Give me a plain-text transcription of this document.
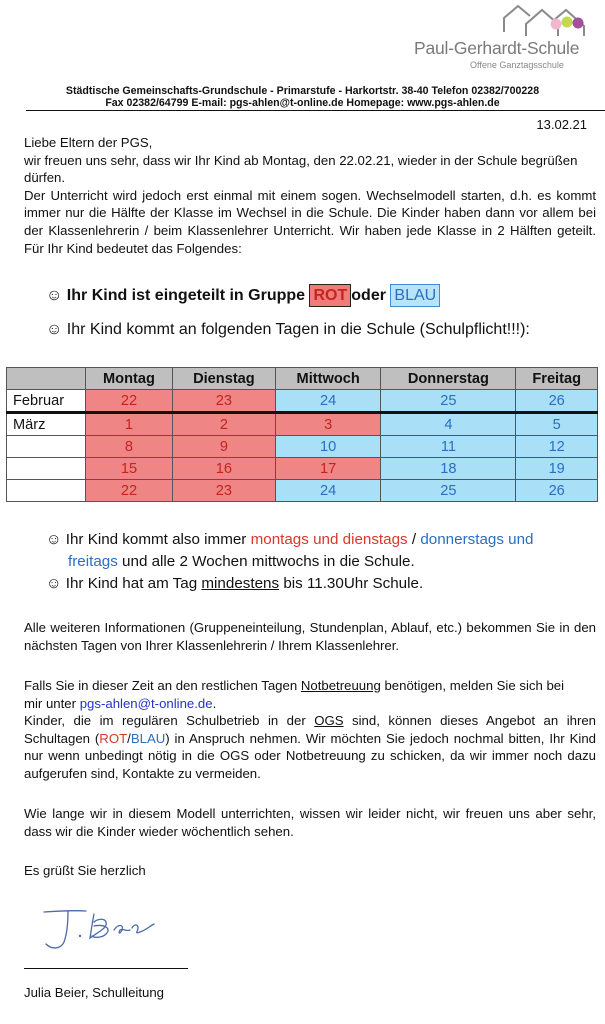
Paul-Gerhardt-Schule
Offene Ganztagsschule
Städtische Gemeinschafts-Grundschule - Primarstufe - Harkortstr. 38-40 Telefon 02382/700228
Fax 02382/64799 E-mail: pgs-ahlen@t-online.de Homepage: www.pgs-ahlen.de
13.02.21
Liebe Eltern der PGS,
wir freuen uns sehr, dass wir Ihr Kind ab Montag, den 22.02.21, wieder in der Schule begrüßen
dürfen.
Der Unterricht wird jedoch erst einmal mit einem sogen. Wechselmodell starten, d.h. es kommt immer nur die Hälfte der Klasse im Wechsel in die Schule. Die Kinder haben dann vor allem bei der Klassenlehrerin / beim Klassenlehrer Unterricht. Wir haben jede Klasse in 2 Hälften geteilt. Für Ihr Kind bedeutet das Folgendes:
☺ Ihr Kind ist eingeteilt in Gruppe ROT oder BLAU
☺ Ihr Kind kommt an folgenden Tagen in die Schule (Schulpflicht!!!):
	Montag	Dienstag	Mittwoch	Donnerstag	Freitag
Februar	22	23	24	25	26
März	1	2	3	4	5
	8	9	10	11	12
	15	16	17	18	19
	22	23	24	25	26
☺ Ihr Kind kommt also immer montags und dienstags / donnerstags und
freitags und alle 2 Wochen mittwochs in die Schule.
☺ Ihr Kind hat am Tag mindestens bis 11.30Uhr Schule.
Alle weiteren Informationen (Gruppeneinteilung, Stundenplan, Ablauf, etc.) bekommen Sie in den nächsten Tagen von Ihrer Klassenlehrerin / Ihrem Klassenlehrer.
Falls Sie in dieser Zeit an den restlichen Tagen Notbetreuung benötigen, melden Sie sich bei
mir unter pgs-ahlen@t-online.de.
Kinder, die im regulären Schulbetrieb in der OGS sind, können dieses Angebot an ihren Schultagen (ROT/BLAU) in Anspruch nehmen. Wir möchten Sie jedoch nochmal bitten, Ihr Kind nur wenn unbedingt nötig in die OGS oder Notbetreuung zu schicken, da wir immer noch dazu aufgerufen sind, Kontakte zu vermeiden.
Wie lange wir in diesem Modell unterrichten, wissen wir leider nicht, wir freuen uns aber sehr, dass wir die Kinder wieder wöchentlich sehen.
Es grüßt Sie herzlich
Julia Beier, Schulleitung
